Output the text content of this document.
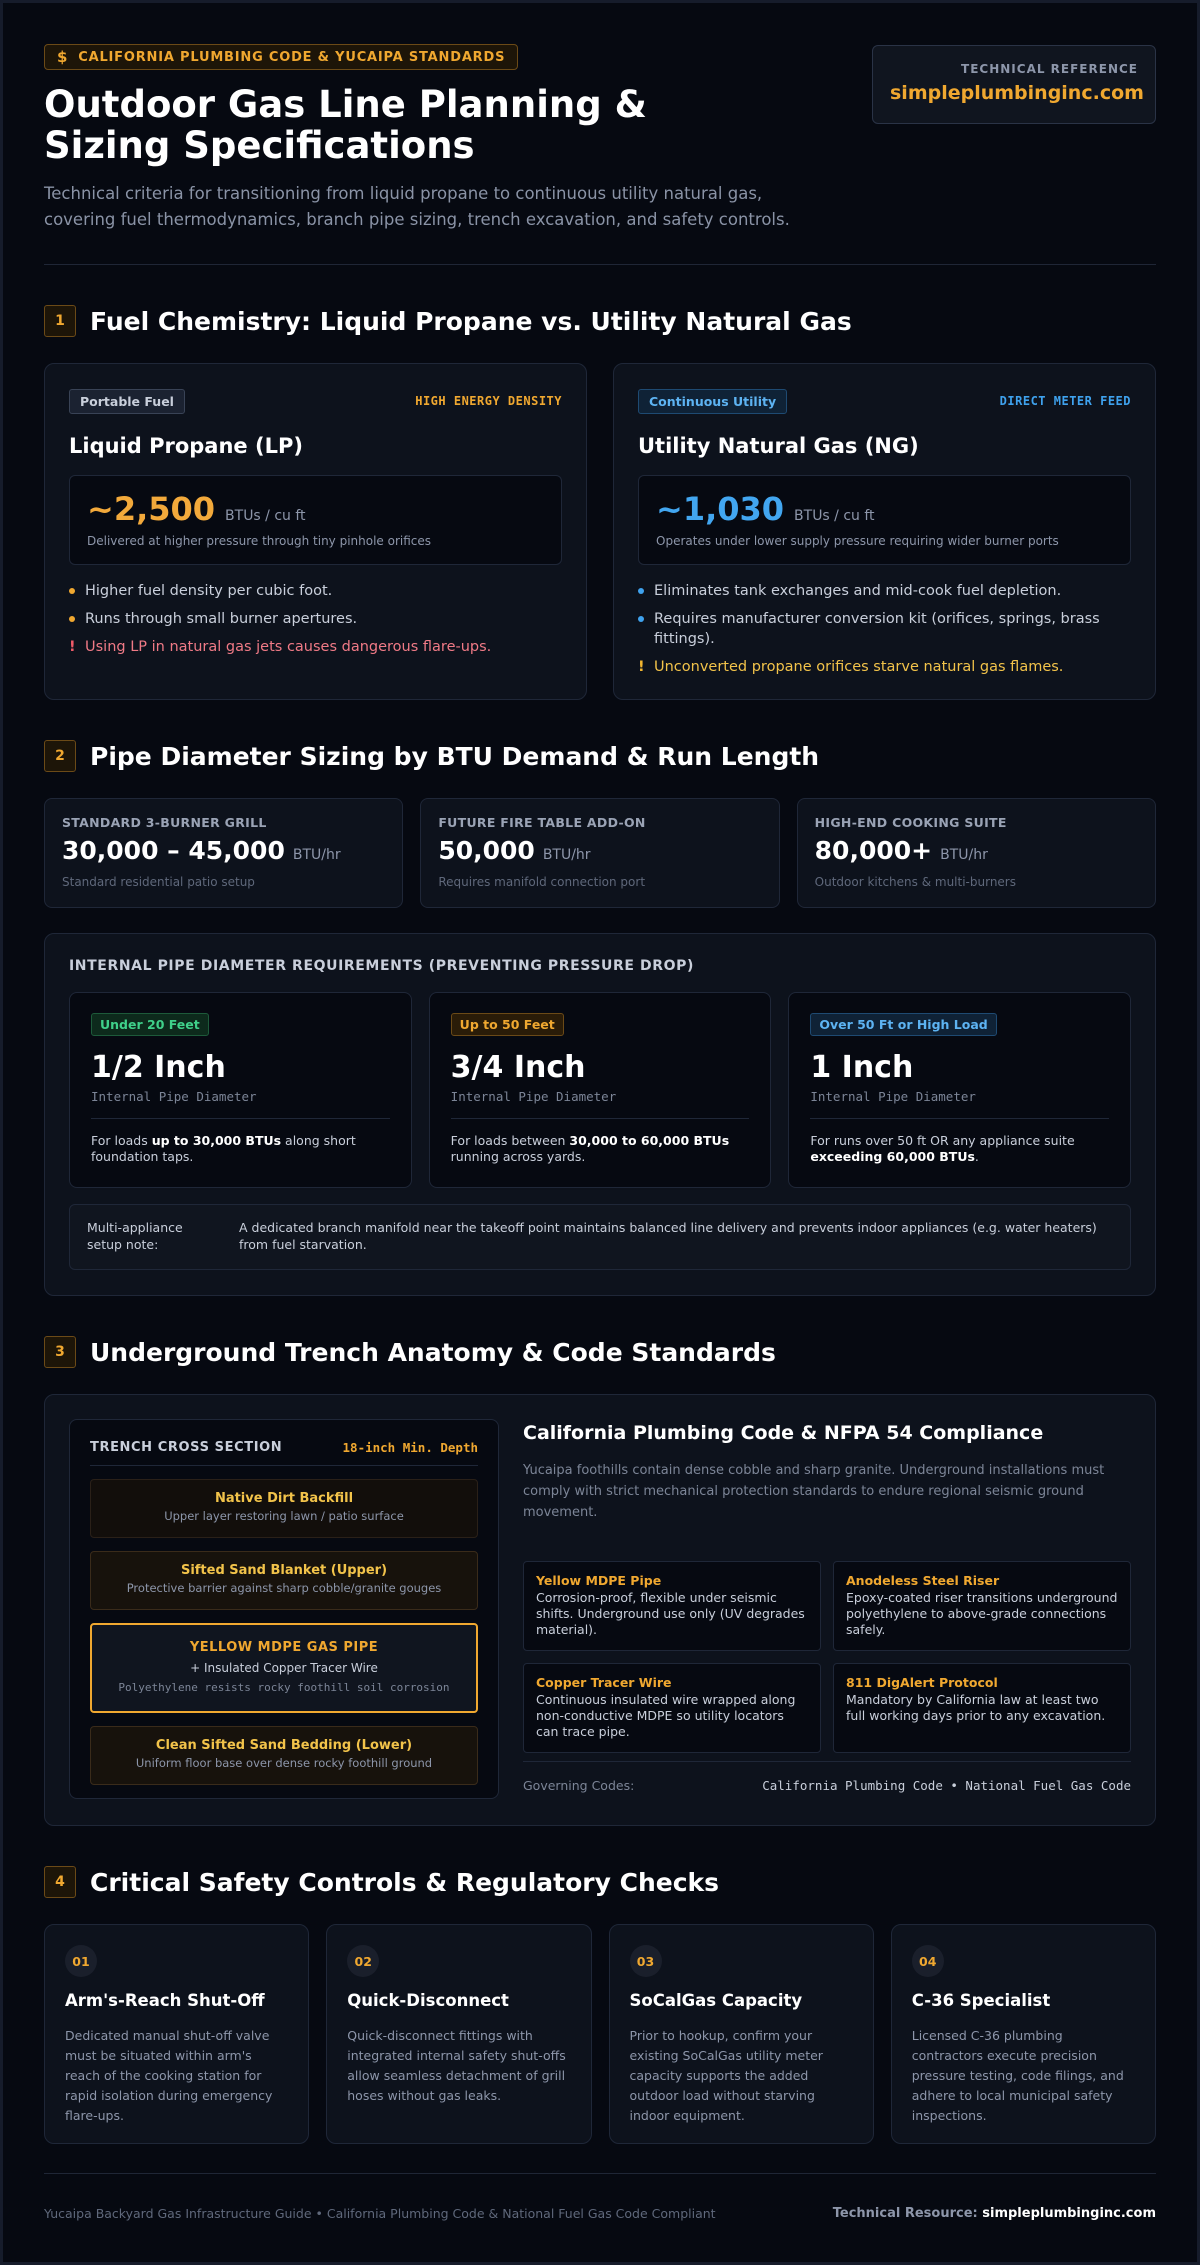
$ CALIFORNIA PLUMBING CODE & YUCAIPA STANDARDS
Outdoor Gas Line Planning & Sizing Specifications

Technical criteria for transitioning from liquid propane to continuous utility natural gas, covering fuel thermodynamics, branch pipe sizing, trench excavation, and safety controls.

TECHNICAL REFERENCE
simpleplumbinginc.com
1	Fuel Chemistry: Liquid Propane vs. Utility Natural Gas
Portable Fuel	HIGH ENERGY DENSITY
Liquid Propane (LP)
~2,500 BTUs / cu ft
Delivered at higher pressure through tiny pinhole orifices
Higher fuel density per cubic foot.
Runs through small burner apertures.
! Using LP in natural gas jets causes dangerous flare-ups.
Continuous Utility	DIRECT METER FEED
Utility Natural Gas (NG)
~1,030 BTUs / cu ft
Operates under lower supply pressure requiring wider burner ports
Eliminates tank exchanges and mid-cook fuel depletion.
Requires manufacturer conversion kit (orifices, springs, brass fittings).
! Unconverted propane orifices starve natural gas flames.
2	Pipe Diameter Sizing by BTU Demand & Run Length
STANDARD 3-BURNER GRILL
30,000 – 45,000 BTU/hr
Standard residential patio setup
FUTURE FIRE TABLE ADD-ON
50,000 BTU/hr
Requires manifold connection port
HIGH-END COOKING SUITE
80,000+ BTU/hr
Outdoor kitchens & multi-burners
INTERNAL PIPE DIAMETER REQUIREMENTS (PREVENTING PRESSURE DROP)
Under 20 Feet
1/2 Inch
Internal Pipe Diameter
For loads up to 30,000 BTUs along short foundation taps.
Up to 50 Feet
3/4 Inch
Internal Pipe Diameter
For loads between 30,000 to 60,000 BTUs running across yards.
Over 50 Ft or High Load
1 Inch
Internal Pipe Diameter
For runs over 50 ft OR any appliance suite exceeding 60,000 BTUs.
Multi-appliance setup note:
A dedicated branch manifold near the takeoff point maintains balanced line delivery and prevents indoor appliances (e.g. water heaters) from fuel starvation.
3	Underground Trench Anatomy & Code Standards
TRENCH CROSS SECTION	18-inch Min. Depth
Native Dirt Backfill
Upper layer restoring lawn / patio surface
Sifted Sand Blanket (Upper)
Protective barrier against sharp cobble/granite gouges
YELLOW MDPE GAS PIPE
+ Insulated Copper Tracer Wire
Polyethylene resists rocky foothill soil corrosion
Clean Sifted Sand Bedding (Lower)
Uniform floor base over dense rocky foothill ground
California Plumbing Code & NFPA 54 Compliance
Yucaipa foothills contain dense cobble and sharp granite. Underground installations must comply with strict mechanical protection standards to endure regional seismic ground movement.
Yellow MDPE Pipe
Corrosion-proof, flexible under seismic shifts. Underground use only (UV degrades material).
Anodeless Steel Riser
Epoxy-coated riser transitions underground polyethylene to above-grade connections safely.
Copper Tracer Wire
Continuous insulated wire wrapped along non-conductive MDPE so utility locators can trace pipe.
811 DigAlert Protocol
Mandatory by California law at least two full working days prior to any excavation.
Governing Codes:	California Plumbing Code • National Fuel Gas Code
4	Critical Safety Controls & Regulatory Checks
01
Arm's-Reach Shut-Off
Dedicated manual shut-off valve must be situated within arm's reach of the cooking station for rapid isolation during emergency flare-ups.
02
Quick-Disconnect
Quick-disconnect fittings with integrated internal safety shut-offs allow seamless detachment of grill hoses without gas leaks.
03
SoCalGas Capacity
Prior to hookup, confirm your existing SoCalGas utility meter capacity supports the added outdoor load without starving indoor equipment.
04
C-36 Specialist
Licensed C-36 plumbing contractors execute precision pressure testing, code filings, and adhere to local municipal safety inspections.
Yucaipa Backyard Gas Infrastructure Guide • California Plumbing Code & National Fuel Gas Code Compliant	Technical Resource: simpleplumbinginc.com
